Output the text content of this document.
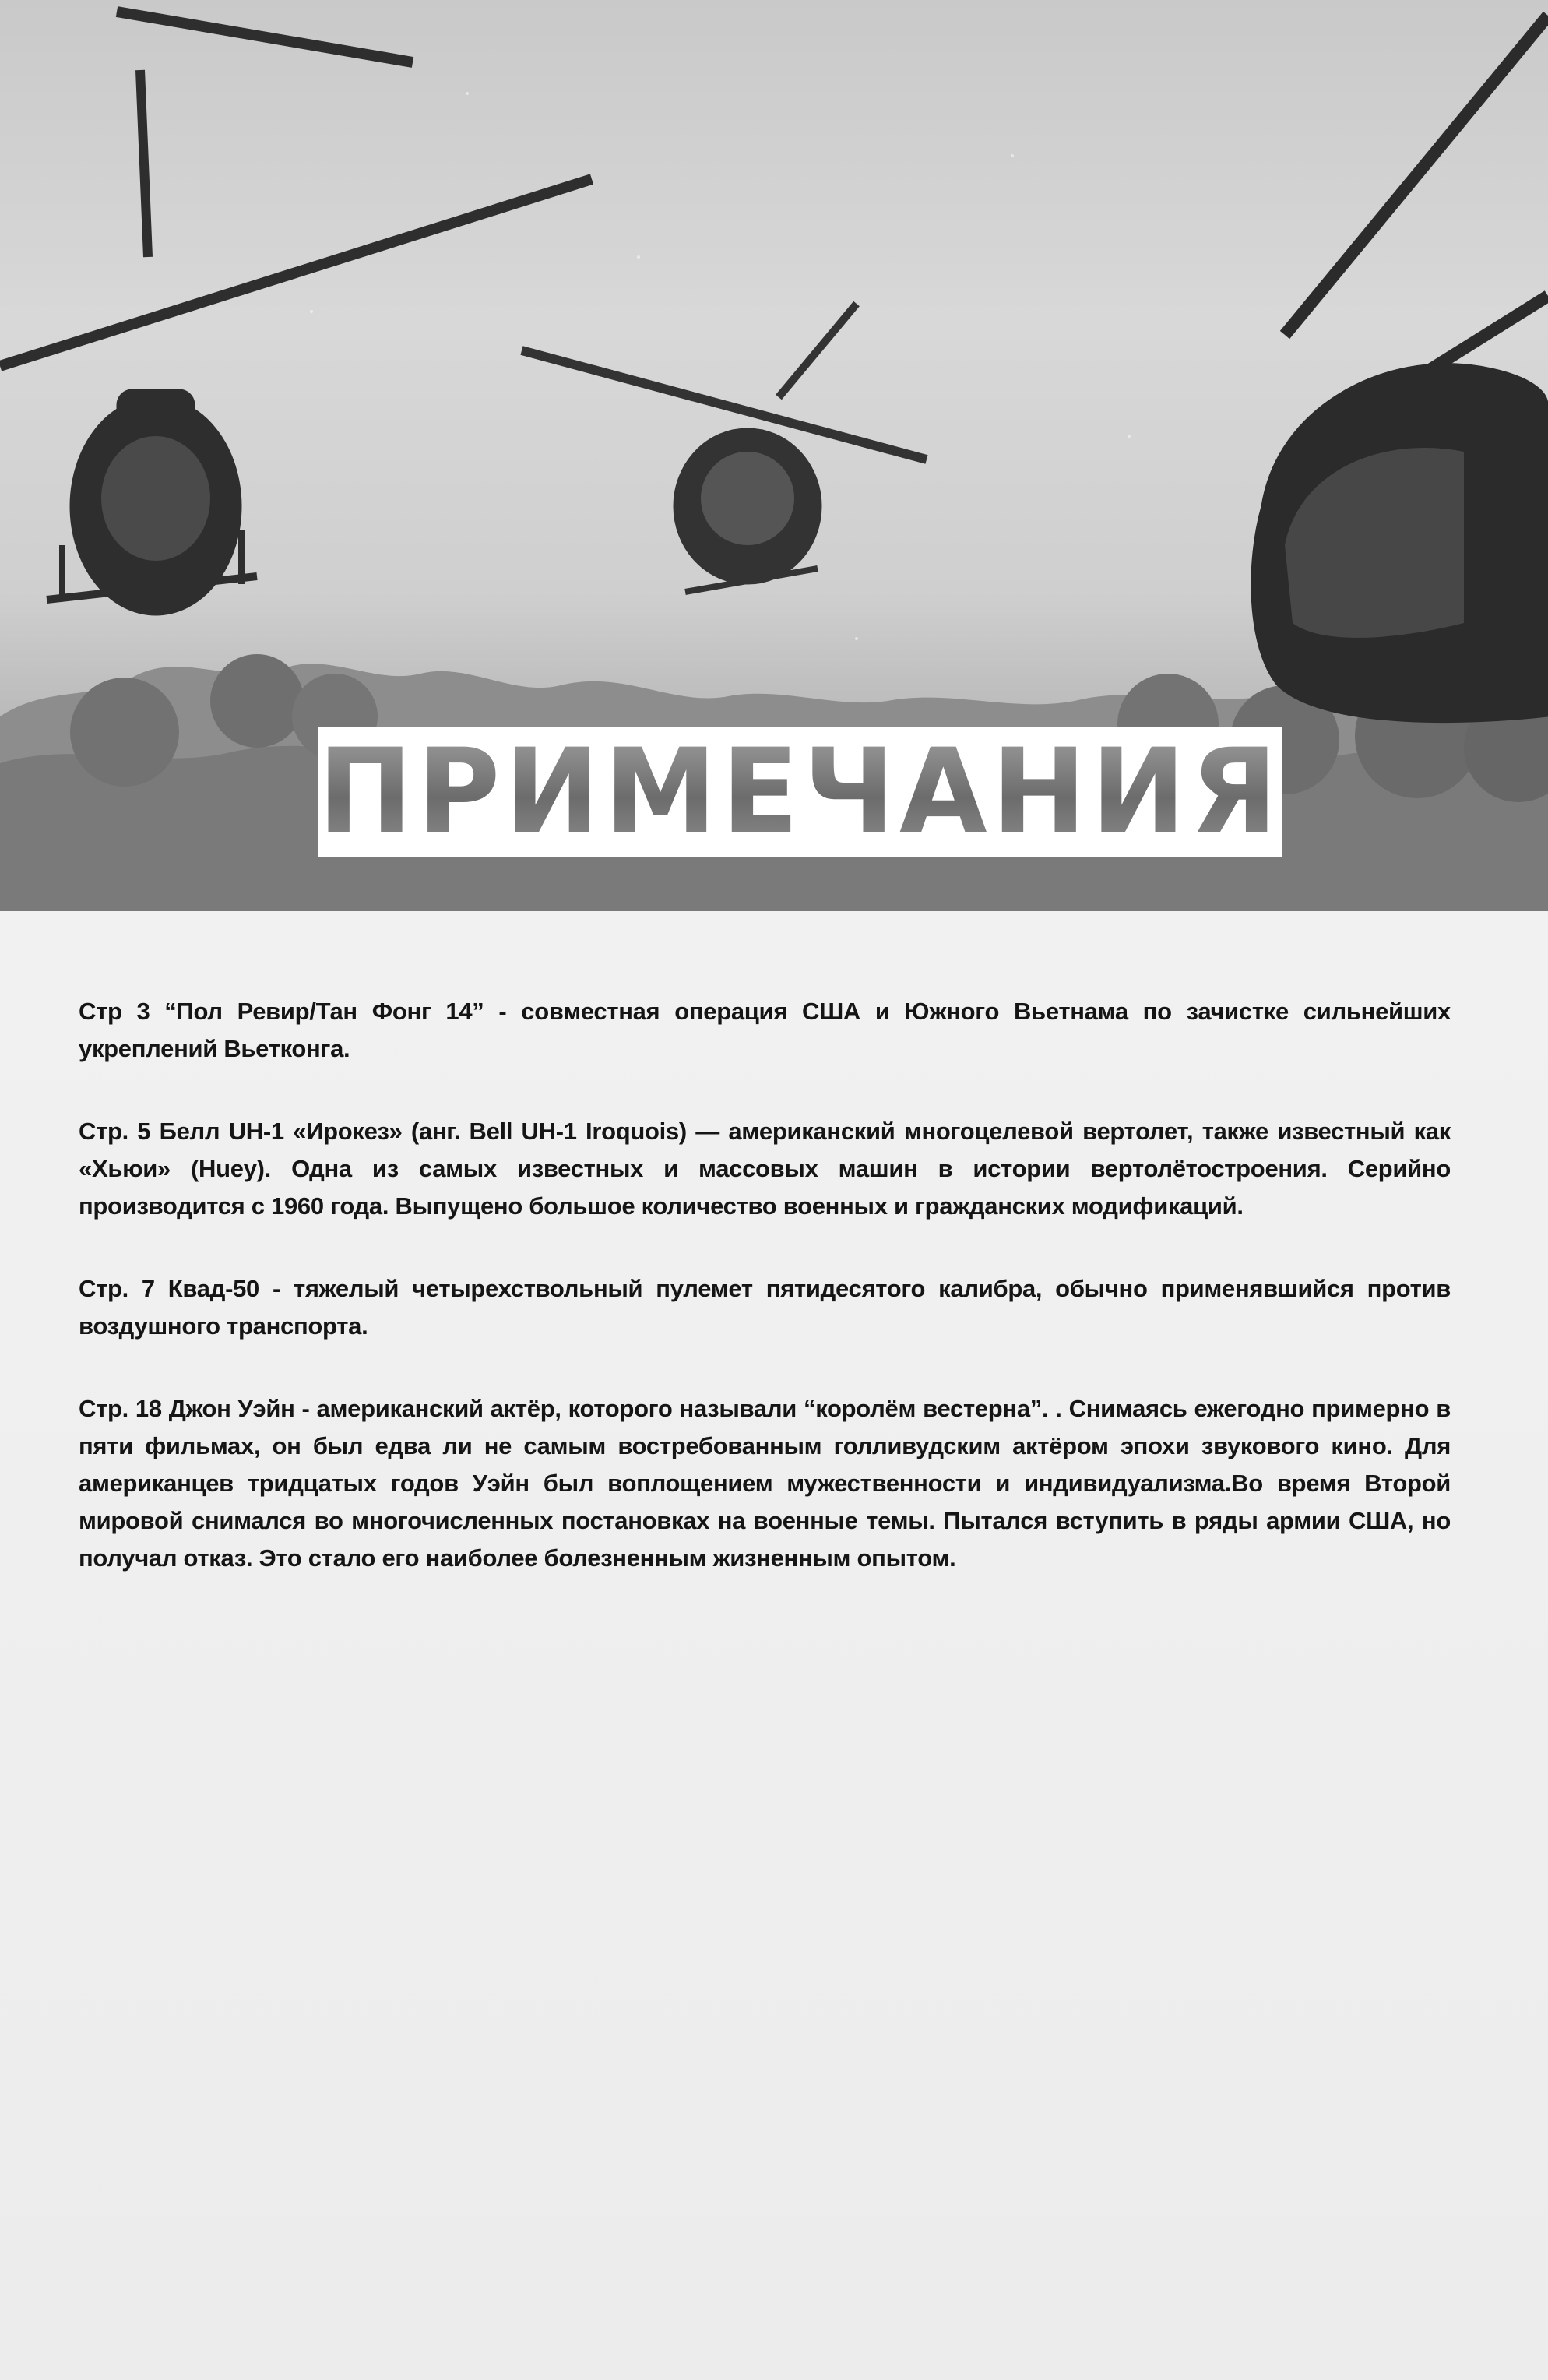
ПРИМЕЧАНИЯ

Стр 3 “Пол Ревир/Тан Фонг 14” - совместная операция США и Южного Вьетнама по зачистке сильнейших укреплений Вьетконга.

Стр. 5 Белл UH-1 «Ирокез» (анг. Bell UH-1 Iroquois) — американский многоцелевой вертолет, также известный как «Хьюи» (Huey). Одна из самых известных и массовых машин в истории вертолётостроения. Серийно производится с 1960 года. Выпущено большое количество военных и гражданских модификаций.

Стр. 7 Квад-50 - тяжелый четырехствольный пулемет пятидесятого калибра, обычно применявшийся против воздушного транспорта.

Стр. 18 Джон Уэйн - американский актёр, которого называли “королём вестерна”. . Снимаясь ежегодно примерно в пяти фильмах, он был едва ли не самым востребованным голливудским актёром эпохи звукового кино. Для американцев тридцатых годов Уэйн был воплощением мужественности и индивидуализма.Во время Второй мировой снимался во многочисленных постановках на военные темы. Пытался вступить в ряды армии США, но получал отказ. Это стало его наиболее болезненным жизненным опытом.
